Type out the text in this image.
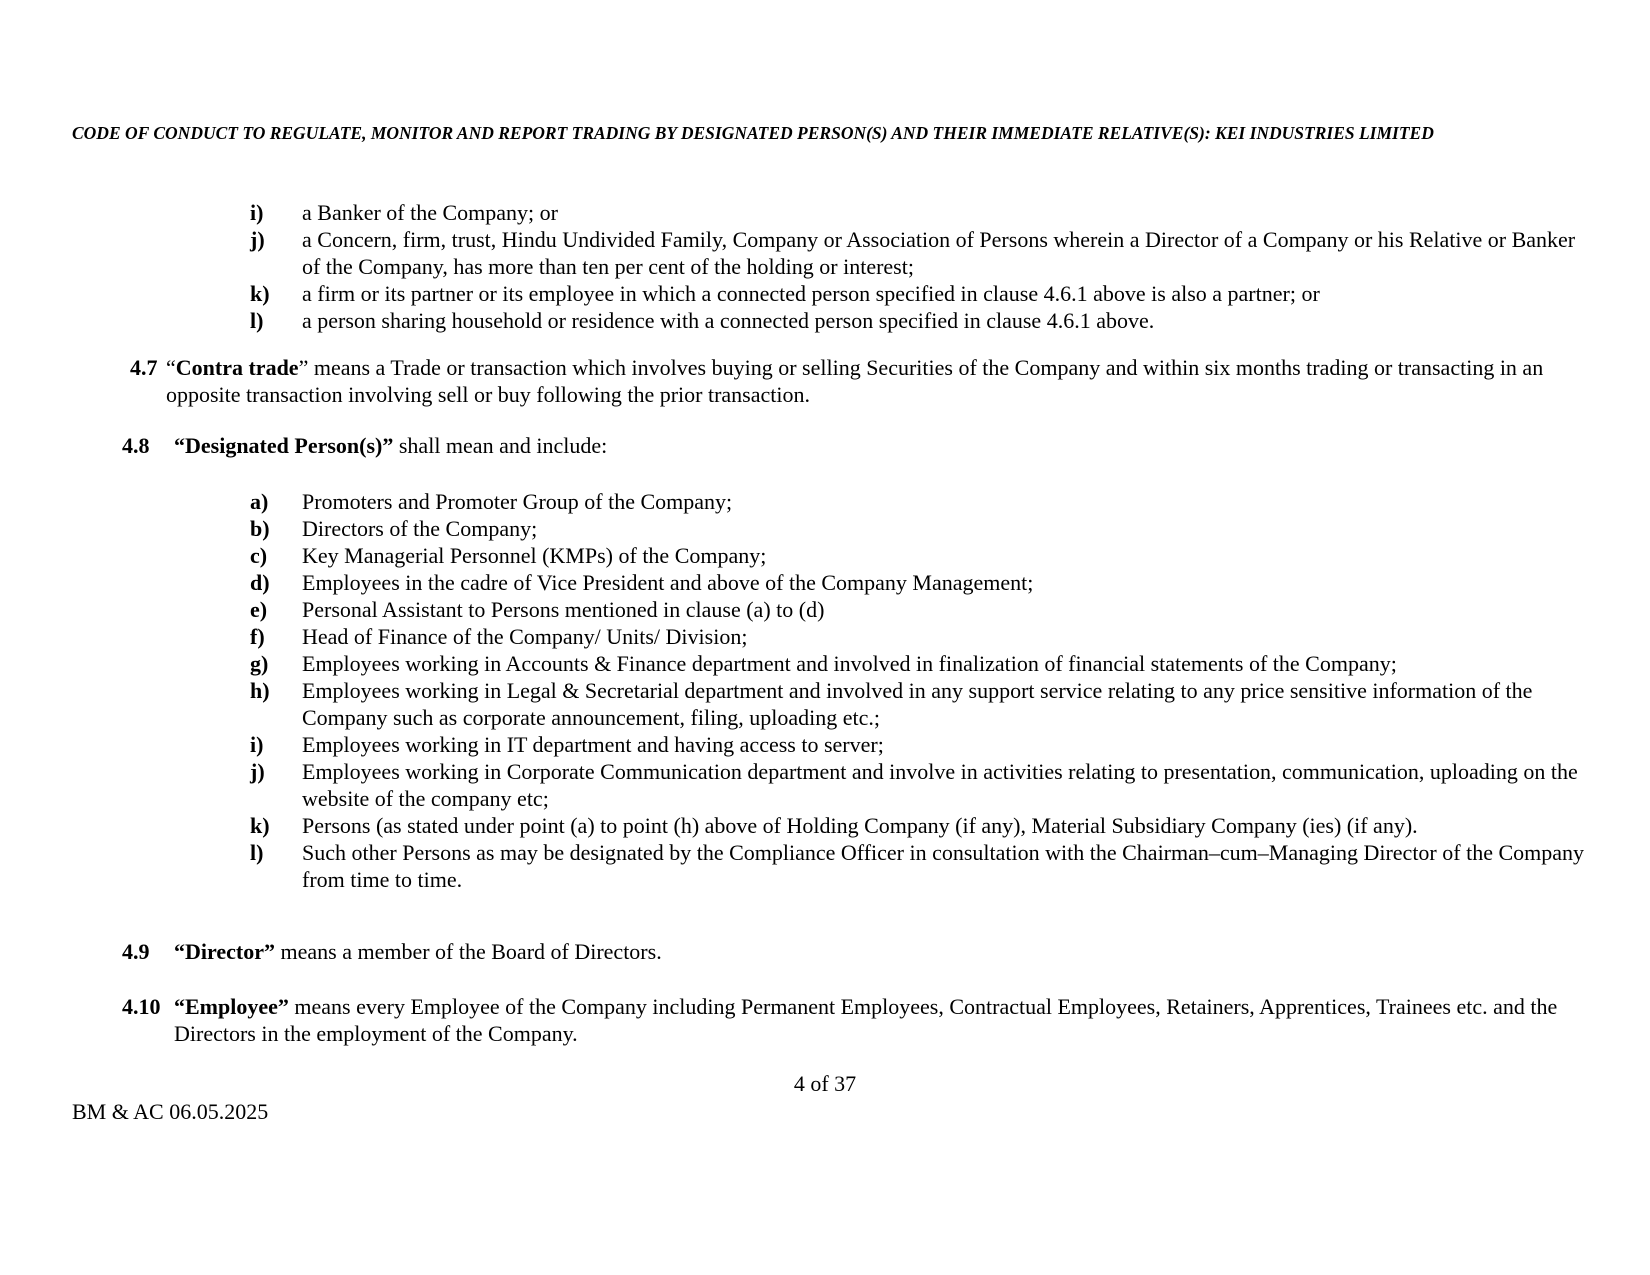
CODE OF CONDUCT TO REGULATE, MONITOR AND REPORT TRADING BY DESIGNATED PERSON(S) AND THEIR IMMEDIATE RELATIVE(S): KEI INDUSTRIES LIMITED
i)	a Banker of the Company; or
j)	a Concern, firm, trust, Hindu Undivided Family, Company or Association of Persons wherein a Director of a Company or his Relative or Banker of the Company, has more than ten per cent of the holding or interest;
k)	a firm or its partner or its employee in which a connected person specified in clause 4.6.1 above is also a partner; or
l)	a person sharing household or residence with a connected person specified in clause 4.6.1 above.
4.7 “Contra trade” means a Trade or transaction which involves buying or selling Securities of the Company and within six months trading or transacting in an opposite transaction involving sell or buy following the prior transaction.
4.8	“Designated Person(s)” shall mean and include:
a)	Promoters and Promoter Group of the Company;
b)	Directors of the Company;
c)	Key Managerial Personnel (KMPs) of the Company;
d)	Employees in the cadre of Vice President and above of the Company Management;
e)	Personal Assistant to Persons mentioned in clause (a) to (d)
f)	Head of Finance of the Company/ Units/ Division;
g)	Employees working in Accounts & Finance department and involved in finalization of financial statements of the Company;
h)	Employees working in Legal & Secretarial department and involved in any support service relating to any price sensitive information of the Company such as corporate announcement, filing, uploading etc.;
i)	Employees working in IT department and having access to server;
j)	Employees working in Corporate Communication department and involve in activities relating to presentation, communication, uploading on the website of the company etc;
k)	Persons (as stated under point (a) to point (h) above of Holding Company (if any), Material Subsidiary Company (ies) (if any).
l)	Such other Persons as may be designated by the Compliance Officer in consultation with the Chairman–cum–Managing Director of the Company from time to time.
4.9	“Director” means a member of the Board of Directors.
4.10 “Employee” means every Employee of the Company including Permanent Employees, Contractual Employees, Retainers, Apprentices, Trainees etc. and the Directors in the employment of the Company.
4 of 37
BM & AC 06.05.2025
